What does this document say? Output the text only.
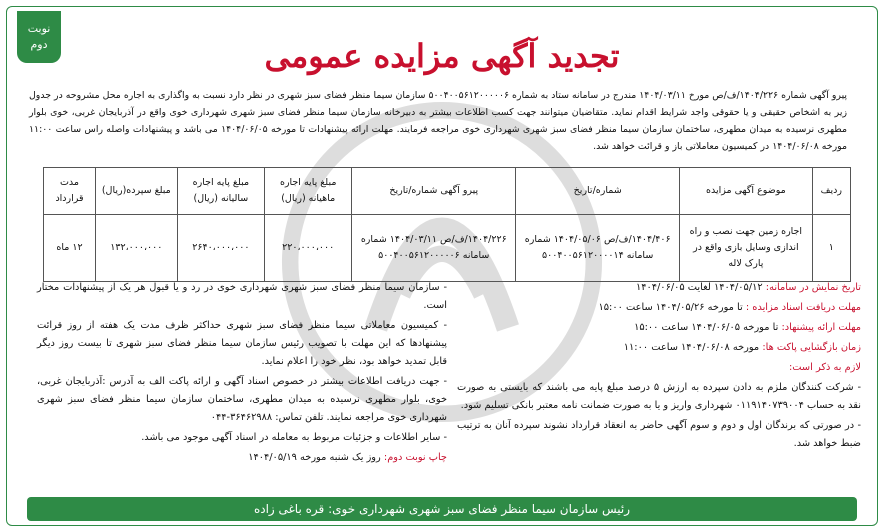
نوبت
دوم	تجدید آگهی مزایده عمومی
پیرو آگهی شماره ۱۴۰۴/۲۲۶/ف/ص مورخ ۱۴۰۴/۰۳/۱۱ مندرج در سامانه ستاد به شماره ۵۰۰۴۰۰۵۶۱۲۰۰۰۰۰۶ سازمان سیما منظر فضای سبز شهری در نظر دارد نسبت به واگذاری به اجاره محل مشروحه در جدول زیر به اشخاص حقیقی و یا حقوقی واجد شرایط اقدام نماید. متقاضیان میتوانند جهت کسب اطلاعات بیشتر به دبیرخانه سازمان سیما منظر فضای سبز شهری شهرداری خوی واقع در آذربایجان غربی، خوی بلوار مطهری نرسیده به میدان مطهری، ساختمان سازمان سیما منظر فضای سبز شهری شهرداری خوی مراجعه فرمایند. مهلت ارائه پیشنهادات تا مورخه ۱۴۰۴/۰۶/۰۵ می باشد و پیشنهادات واصله راس ساعت ۱۱:۰۰ مورخه ۱۴۰۴/۰۶/۰۸ در کمیسیون معاملاتی باز و قرائت خواهد شد.
ردیف	موضوع آگهی مزایده	شماره/تاریخ	پیرو آگهی شماره/تاریخ	مبلغ پایه اجاره ماهیانه (ریال)	مبلغ پایه اجاره سالیانه (ریال)	مبلغ سپرده(ریال)	مدت قرارداد
۱	اجاره زمین جهت نصب و راه اندازی وسایل بازی واقع در پارک لاله	۱۴۰۴/۴۰۶/ف/ص ۱۴۰۴/۰۵/۰۶ شماره سامانه ۵۰۰۴۰۰۵۶۱۲۰۰۰۰۱۴	۱۴۰۴/۲۲۶/ف/ص ۱۴۰۴/۰۳/۱۱ شماره سامانه ۵۰۰۴۰۰۵۶۱۲۰۰۰۰۰۶	۲۲۰،۰۰۰،۰۰۰	۲۶۴۰،۰۰۰،۰۰۰	۱۳۲،۰۰۰،۰۰۰	۱۲ ماه

تاریخ نمایش در سامانه: ۱۴۰۴/۰۵/۱۲ لغایت ۱۴۰۴/۰۶/۰۵

مهلت دریافت اسناد مزایده : تا مورخه ۱۴۰۴/۰۵/۲۶ ساعت ۱۵:۰۰

مهلت ارائه پیشنهاد: تا مورخه ۱۴۰۴/۰۶/۰۵ ساعت ۱۵:۰۰

زمان بازگشایی پاکت ها: مورخه ۱۴۰۴/۰۶/۰۸ ساعت ۱۱:۰۰

لازم به ذکر است:

- شرکت کنندگان ملزم به دادن سپرده به ارزش ۵ درصد مبلغ پایه می باشند که بایستی به صورت نقد به حساب ۰۱۱۹۱۴۰۷۳۹۰۰۴ شهرداری واریز و یا به صورت ضمانت نامه معتبر بانکی تسلیم شود.

- در صورتی که برندگان اول و دوم و سوم آگهی حاضر به انعقاد قرارداد نشوند سپرده آنان به ترتیب ضبط خواهد شد.

- سازمان سیما منظر فضای سبز شهری شهرداری خوی در رد و یا قبول هر یک از پیشنهادات مختار است.

- کمیسیون معاملاتی سیما منظر فضای سبز شهری حداکثر ظرف مدت یک هفته از روز قرائت پیشنهادها که این مهلت با تصویب رئیس سازمان سیما منظر فضای سبز شهری تا بیست روز دیگر قابل تمدید خواهد بود، نظر خود را اعلام نماید.

- جهت دریافت اطلاعات بیشتر در خصوص اسناد آگهی و ارائه پاکت الف به آدرس :آذربایجان غربی، خوی، بلوار مطهری نرسیده به میدان مطهری، ساختمان سازمان سیما منظر فضای سبز شهری شهرداری خوی مراجعه نمایند. تلفن تماس: ۳۶۴۶۲۹۸۸-۰۴۴

- سایر اطلاعات و جزئیات مربوط به معامله در اسناد آگهی موجود می باشد.

چاپ نوبت دوم: روز یک شنبه مورخه ۱۴۰۴/۰۵/۱۹

رئیس سازمان سیما منظر فضای سبز شهری شهرداری خوی: قره باغی زاده
